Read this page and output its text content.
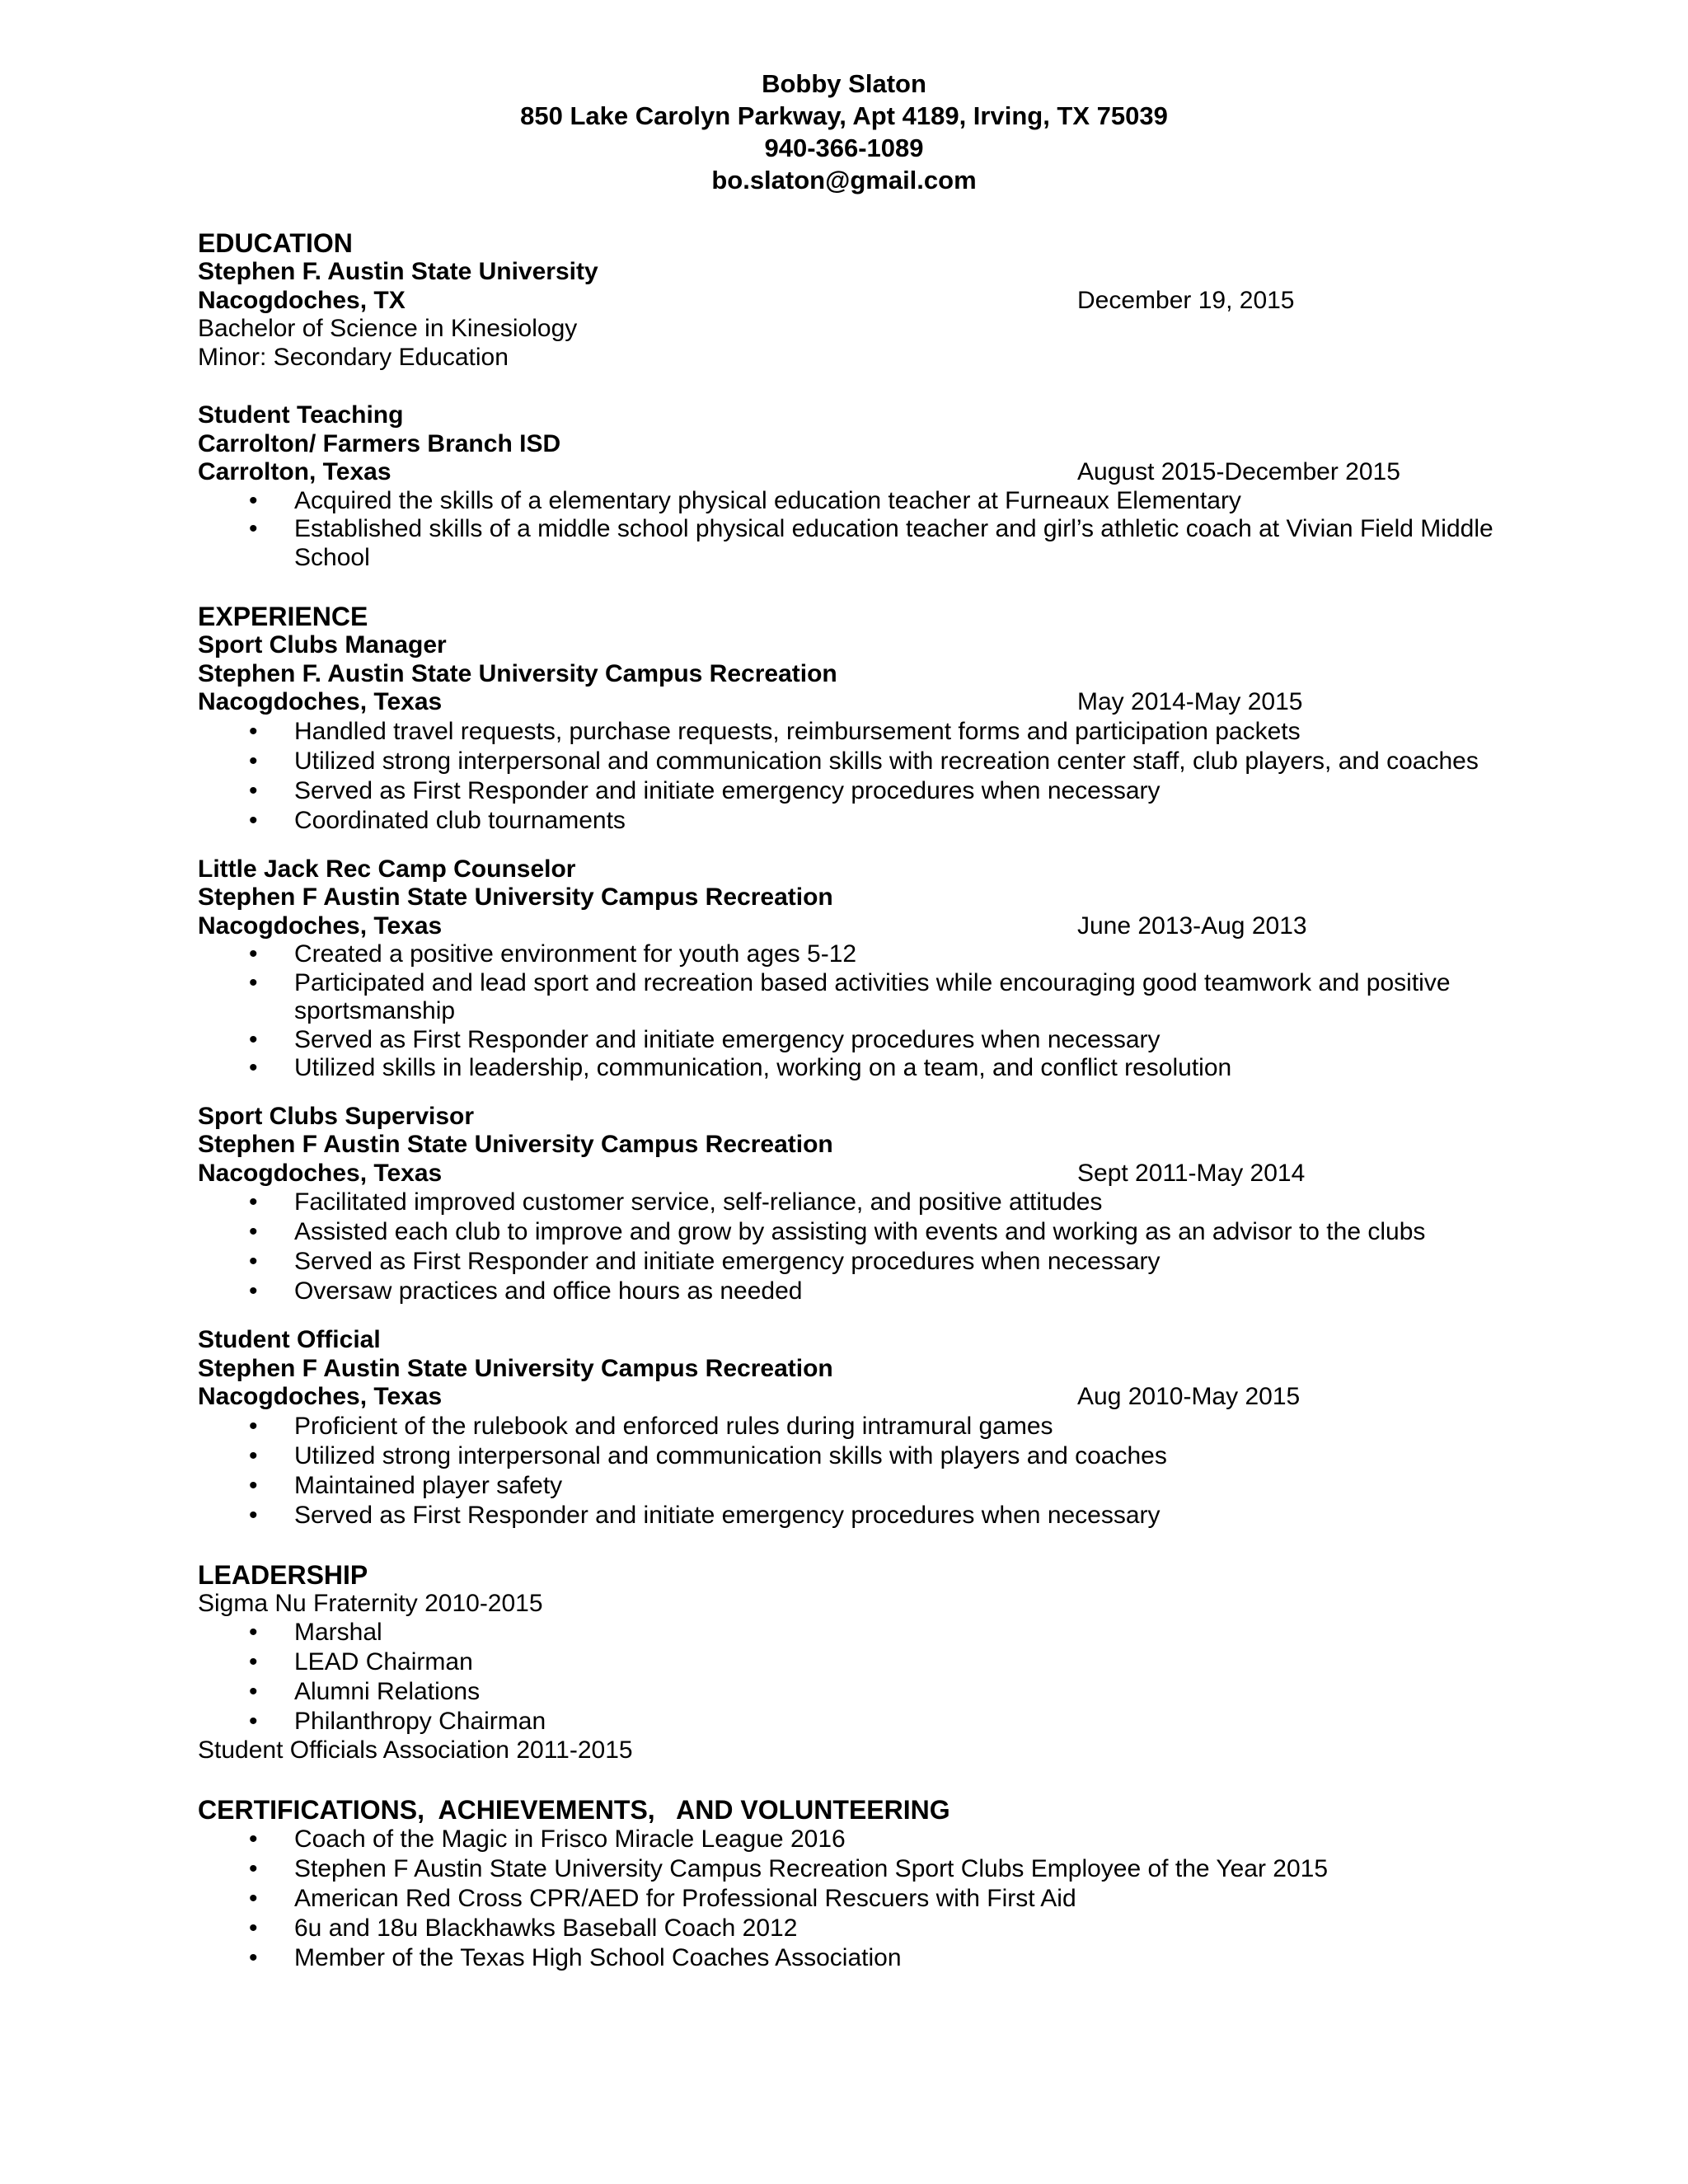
Bobby Slaton
850 Lake Carolyn Parkway, Apt 4189, Irving, TX 75039
940-366-1089
bo.slaton@gmail.com
EDUCATION
Stephen F. Austin State University
Nacogdoches, TX	December 19, 2015
Bachelor of Science in Kinesiology
Minor: Secondary Education
Student Teaching
Carrolton/ Farmers Branch ISD
Carrolton, Texas	August 2015-December 2015
• Acquired the skills of a elementary physical education teacher at Furneaux Elementary
• Established skills of a middle school physical education teacher and girl’s athletic coach at Vivian Field Middle School
EXPERIENCE
Sport Clubs Manager
Stephen F. Austin State University Campus Recreation
Nacogdoches, Texas	May 2014-May 2015
• Handled travel requests, purchase requests, reimbursement forms and participation packets
• Utilized strong interpersonal and communication skills with recreation center staff, club players, and coaches
• Served as First Responder and initiate emergency procedures when necessary
• Coordinated club tournaments
Little Jack Rec Camp Counselor
Stephen F Austin State University Campus Recreation
Nacogdoches, Texas	June 2013-Aug 2013
• Created a positive environment for youth ages 5-12
• Participated and lead sport and recreation based activities while encouraging good teamwork and positive sportsmanship
• Served as First Responder and initiate emergency procedures when necessary
• Utilized skills in leadership, communication, working on a team, and conflict resolution
Sport Clubs Supervisor
Stephen F Austin State University Campus Recreation
Nacogdoches, Texas	Sept 2011-May 2014
• Facilitated improved customer service, self-reliance, and positive attitudes
• Assisted each club to improve and grow by assisting with events and working as an advisor to the clubs
• Served as First Responder and initiate emergency procedures when necessary
• Oversaw practices and office hours as needed
Student Official
Stephen F Austin State University Campus Recreation
Nacogdoches, Texas	Aug 2010-May 2015
• Proficient of the rulebook and enforced rules during intramural games
• Utilized strong interpersonal and communication skills with players and coaches
• Maintained player safety
• Served as First Responder and initiate emergency procedures when necessary
LEADERSHIP
Sigma Nu Fraternity 2010-2015
• Marshal
• LEAD Chairman
• Alumni Relations
• Philanthropy Chairman
Student Officials Association 2011-2015
CERTIFICATIONS,  ACHIEVEMENTS,   AND VOLUNTEERING
• Coach of the Magic in Frisco Miracle League 2016
• Stephen F Austin State University Campus Recreation Sport Clubs Employee of the Year 2015
• American Red Cross CPR/AED for Professional Rescuers with First Aid
• 6u and 18u Blackhawks Baseball Coach 2012
• Member of the Texas High School Coaches Association
